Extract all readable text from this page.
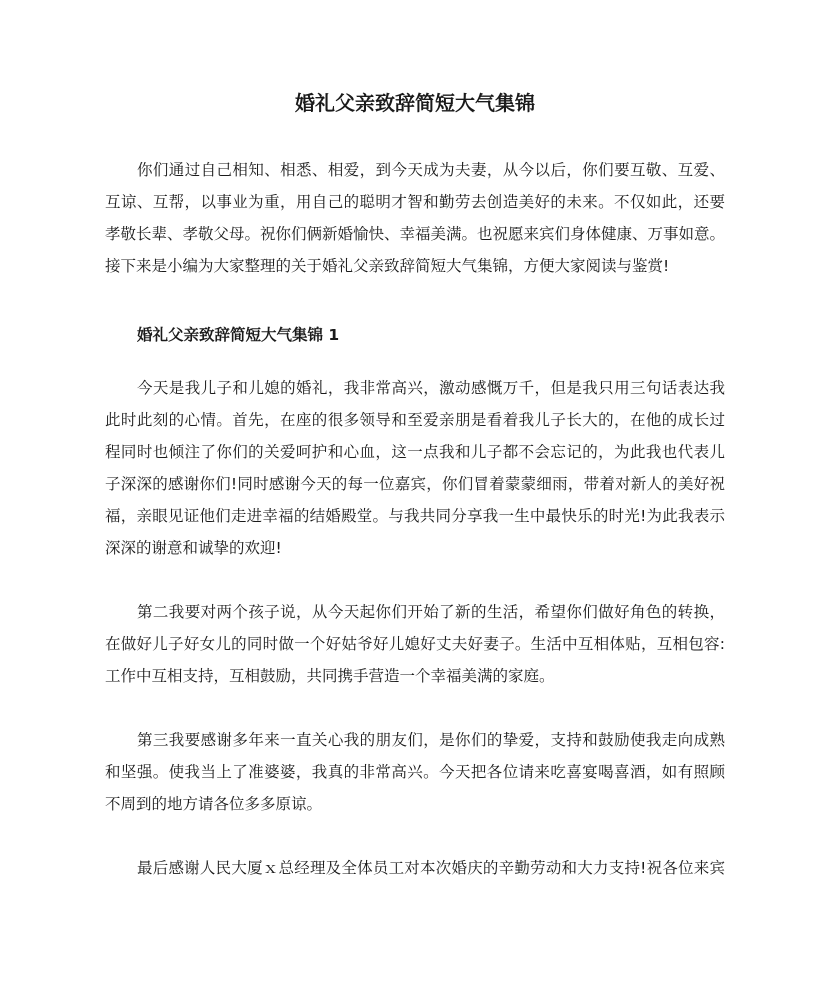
婚礼父亲致辞简短大气集锦
你们通过自己相知、相悉、相爱，到今天成为夫妻，从今以后，你们要互敬、互爱、
互谅、互帮，以事业为重，用自己的聪明才智和勤劳去创造美好的未来。不仅如此，还要
孝敬长辈、孝敬父母。祝你们俩新婚愉快、幸福美满。也祝愿来宾们身体健康、万事如意。
接下来是小编为大家整理的关于婚礼父亲致辞简短大气集锦，方便大家阅读与鉴赏!
婚礼父亲致辞简短大气集锦 1
今天是我儿子和儿媳的婚礼，我非常高兴，激动感慨万千，但是我只用三句话表达我
此时此刻的心情。首先，在座的很多领导和至爱亲朋是看着我儿子长大的，在他的成长过
程同时也倾注了你们的关爱呵护和心血，这一点我和儿子都不会忘记的，为此我也代表儿
子深深的感谢你们!同时感谢今天的每一位嘉宾，你们冒着蒙蒙细雨，带着对新人的美好祝
福，亲眼见证他们走进幸福的结婚殿堂。与我共同分享我一生中最快乐的时光!为此我表示
深深的谢意和诚挚的欢迎!
第二我要对两个孩子说，从今天起你们开始了新的生活，希望你们做好角色的转换，
在做好儿子好女儿的同时做一个好姑爷好儿媳好丈夫好妻子。生活中互相体贴，互相包容:
工作中互相支持，互相鼓励，共同携手营造一个幸福美满的家庭。
第三我要感谢多年来一直关心我的朋友们，是你们的挚爱，支持和鼓励使我走向成熟
和坚强。使我当上了准婆婆，我真的非常高兴。今天把各位请来吃喜宴喝喜酒，如有照顾
不周到的地方请各位多多原谅。
最后感谢人民大厦ｘ总经理及全体员工对本次婚庆的辛勤劳动和大力支持!祝各位来宾
